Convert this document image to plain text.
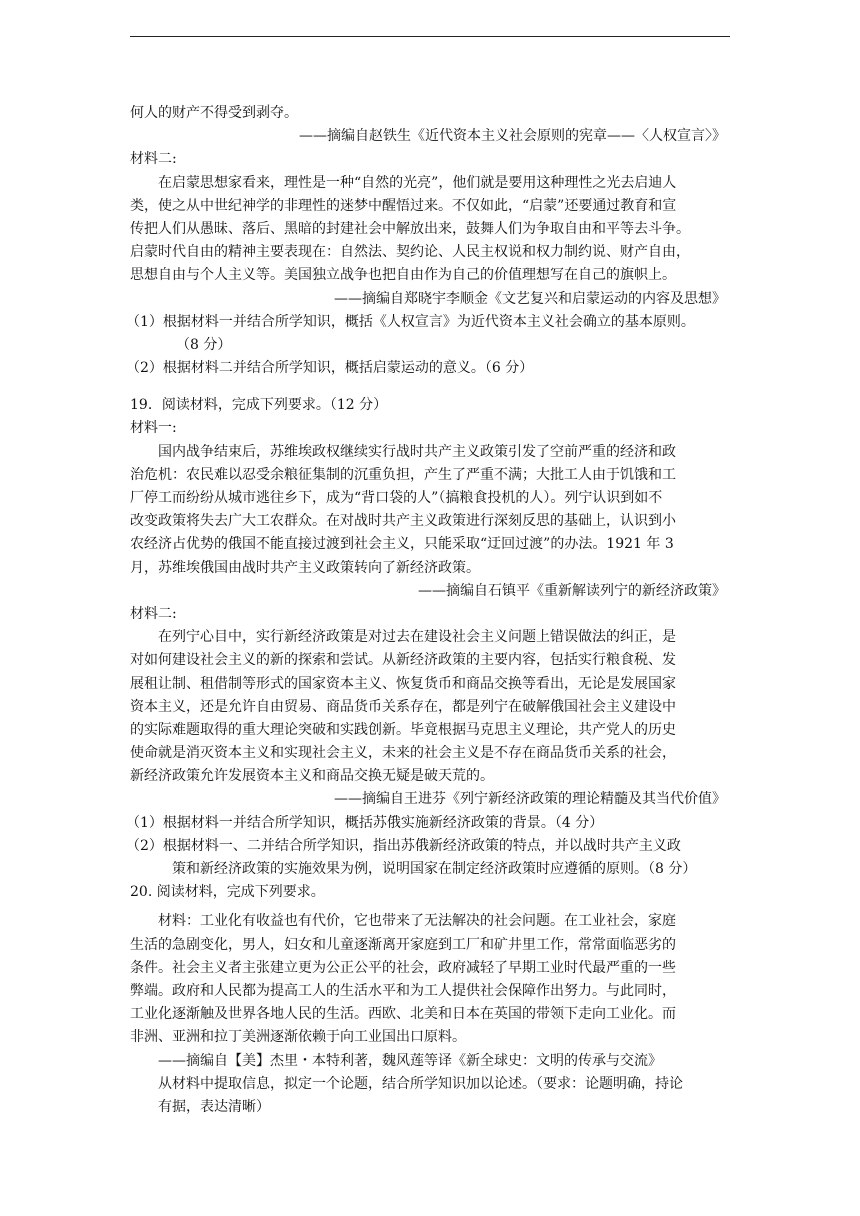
何人的财产不得受到剥夺。
——摘编自赵铁生《近代资本主义社会原则的宪章——〈人权宣言〉》
材料二:
在启蒙思想家看来，理性是一种“自然的光亮”，他们就是要用这种理性之光去启迪人
类，使之从中世纪神学的非理性的迷梦中醒悟过来。不仅如此，“启蒙”还要通过教育和宣
传把人们从愚昧、落后、黑暗的封建社会中解放出来，鼓舞人们为争取自由和平等去斗争。
启蒙时代自由的精神主要表现在：自然法、契约论、人民主权说和权力制约说、财产自由，
思想自由与个人主义等。美国独立战争也把自由作为自己的价值理想写在自己的旗帜上。
——摘编自郑晓宇李顺金《文艺复兴和启蒙运动的内容及思想》
（1）根据材料一并结合所学知识，概括《人权宣言》为近代资本主义社会确立的基本原则。
（8 分）
（2）根据材料二并结合所学知识，概括启蒙运动的意义。（6 分）
19．阅读材料，完成下列要求。（12 分）
材料一:
国内战争结束后，苏维埃政权继续实行战时共产主义政策引发了空前严重的经济和政
治危机：农民难以忍受余粮征集制的沉重负担，产生了严重不满；大批工人由于饥饿和工
厂停工而纷纷从城市逃往乡下，成为“背口袋的人”（搞粮食投机的人）。列宁认识到如不
改变政策将失去广大工农群众。在对战时共产主义政策进行深刻反思的基础上，认识到小
农经济占优势的俄国不能直接过渡到社会主义，只能采取“迂回过渡”的办法。1921 年 3
月，苏维埃俄国由战时共产主义政策转向了新经济政策。
——摘编自石镇平《重新解读列宁的新经济政策》
材料二:
在列宁心目中，实行新经济政策是对过去在建设社会主义问题上错误做法的纠正，是
对如何建设社会主义的新的探索和尝试。从新经济政策的主要内容，包括实行粮食税、发
展租让制、租借制等形式的国家资本主义、恢复货币和商品交换等看出，无论是发展国家
资本主义，还是允许自由贸易、商品货币关系存在，都是列宁在破解俄国社会主义建设中
的实际难题取得的重大理论突破和实践创新。毕竟根据马克思主义理论，共产党人的历史
使命就是消灭资本主义和实现社会主义，未来的社会主义是不存在商品货币关系的社会，
新经济政策允许发展资本主义和商品交换无疑是破天荒的。
——摘编自王进芬《列宁新经济政策的理论精髓及其当代价值》
（1）根据材料一并结合所学知识，概括苏俄实施新经济政策的背景。（4 分）
（2）根据材料一、二并结合所学知识，指出苏俄新经济政策的特点，并以战时共产主义政
策和新经济政策的实施效果为例，说明国家在制定经济政策时应遵循的原则。（8 分）
20. 阅读材料，完成下列要求。
材料：工业化有收益也有代价，它也带来了无法解决的社会问题。在工业社会，家庭
生活的急剧变化，男人，妇女和儿童逐渐离开家庭到工厂和矿井里工作，常常面临恶劣的
条件。社会主义者主张建立更为公正公平的社会，政府减轻了早期工业时代最严重的一些
弊端。政府和人民都为提高工人的生活水平和为工人提供社会保障作出努力。与此同时，
工业化逐渐触及世界各地人民的生活。西欧、北美和日本在英国的带领下走向工业化。而
非洲、亚洲和拉丁美洲逐渐依赖于向工业国出口原料。
——摘编自【美】杰里・本特利著，魏风莲等译《新全球史：文明的传承与交流》
从材料中提取信息，拟定一个论题，结合所学知识加以论述。（要求：论题明确，持论
有据，表达清晰）
